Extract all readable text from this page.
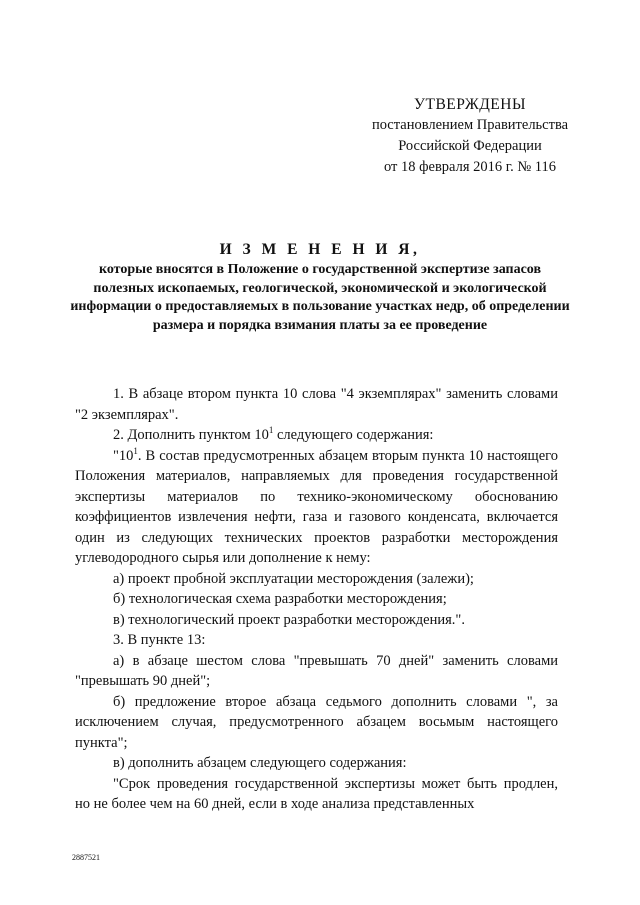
УТВЕРЖДЕНЫ
постановлением Правительства
Российской Федерации
от 18 февраля 2016 г. № 116
И З М Е Н Е Н И Я,
которые вносятся в Положение о государственной экспертизе запасов полезных ископаемых, геологической, экономической и экологической информации о предоставляемых в пользование участках недр, об определении размера и порядка взимания платы за ее проведение

1. В абзаце втором пункта 10 слова "4 экземплярах" заменить словами "2 экземплярах".

2. Дополнить пунктом $10^1$ следующего содержания:

"$10^1$. В состав предусмотренных абзацем вторым пункта 10 настоящего Положения материалов, направляемых для проведения государственной экспертизы материалов по технико-экономическому обоснованию коэффициентов извлечения нефти, газа и газового конденсата, включается один из следующих технических проектов разработки месторождения углеводородного сырья или дополнение к нему:

а) проект пробной эксплуатации месторождения (залежи);

б) технологическая схема разработки месторождения;

в) технологический проект разработки месторождения.".

3. В пункте 13:

а) в абзаце шестом слова "превышать 70 дней" заменить словами "превышать 90 дней";

б) предложение второе абзаца седьмого дополнить словами ", за исключением случая, предусмотренного абзацем восьмым настоящего пункта";

в) дополнить абзацем следующего содержания:

"Срок проведения государственной экспертизы может быть продлен, но не более чем на 60 дней, если в ходе анализа представленных

2887521
